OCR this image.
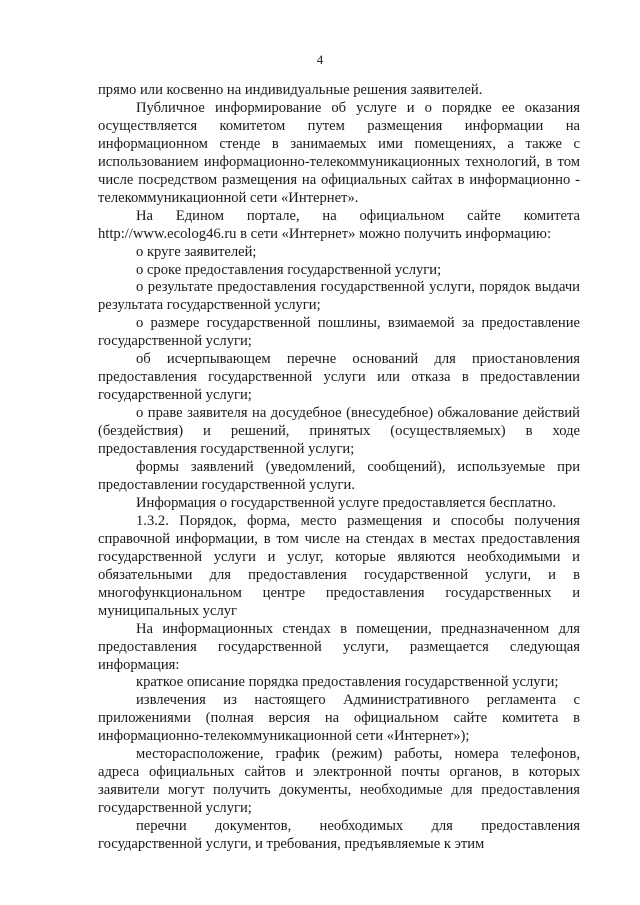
4

прямо или косвенно на индивидуальные решения заявителей.

Публичное информирование об услуге и о порядке ее оказания осуществляется комитетом путем размещения информации на информационном стенде в занимаемых ими помещениях, а также с использованием информационно-телекоммуникационных технологий, в том числе посредством размещения на официальных сайтах в информационно - телекоммуникационной сети «Интернет».

На Едином портале, на официальном сайте комитета http://www.ecolog46.ru в сети «Интернет» можно получить информацию:

о круге заявителей;

о сроке предоставления государственной услуги;

о результате предоставления государственной услуги, порядок выдачи результата государственной услуги;

о размере государственной пошлины, взимаемой за предоставление государственной услуги;

об исчерпывающем перечне оснований для приостановления предоставления государственной услуги или отказа в предоставлении государственной услуги;

о праве заявителя на досудебное (внесудебное) обжалование действий (бездействия) и решений, принятых (осуществляемых) в ходе предоставления государственной услуги;

формы заявлений (уведомлений, сообщений), используемые при предоставлении государственной услуги.

Информация о государственной услуге предоставляется бесплатно.

1.3.2. Порядок, форма, место размещения и способы получения справочной информации, в том числе на стендах в местах предоставления государственной услуги и услуг, которые являются необходимыми и обязательными для предоставления государственной услуги, и в многофункциональном центре предоставления государственных и муниципальных услуг

На информационных стендах в помещении, предназначенном для предоставления государственной услуги, размещается следующая информация:

краткое описание порядка предоставления государственной услуги;

извлечения из настоящего Административного регламента с приложениями (полная версия на официальном сайте комитета в информационно-телекоммуникационной сети «Интернет»);

месторасположение, график (режим) работы, номера телефонов, адреса официальных сайтов и электронной почты органов, в которых заявители могут получить документы, необходимые для предоставления государственной услуги;

перечни документов, необходимых для предоставления государственной услуги, и требования, предъявляемые к этим
